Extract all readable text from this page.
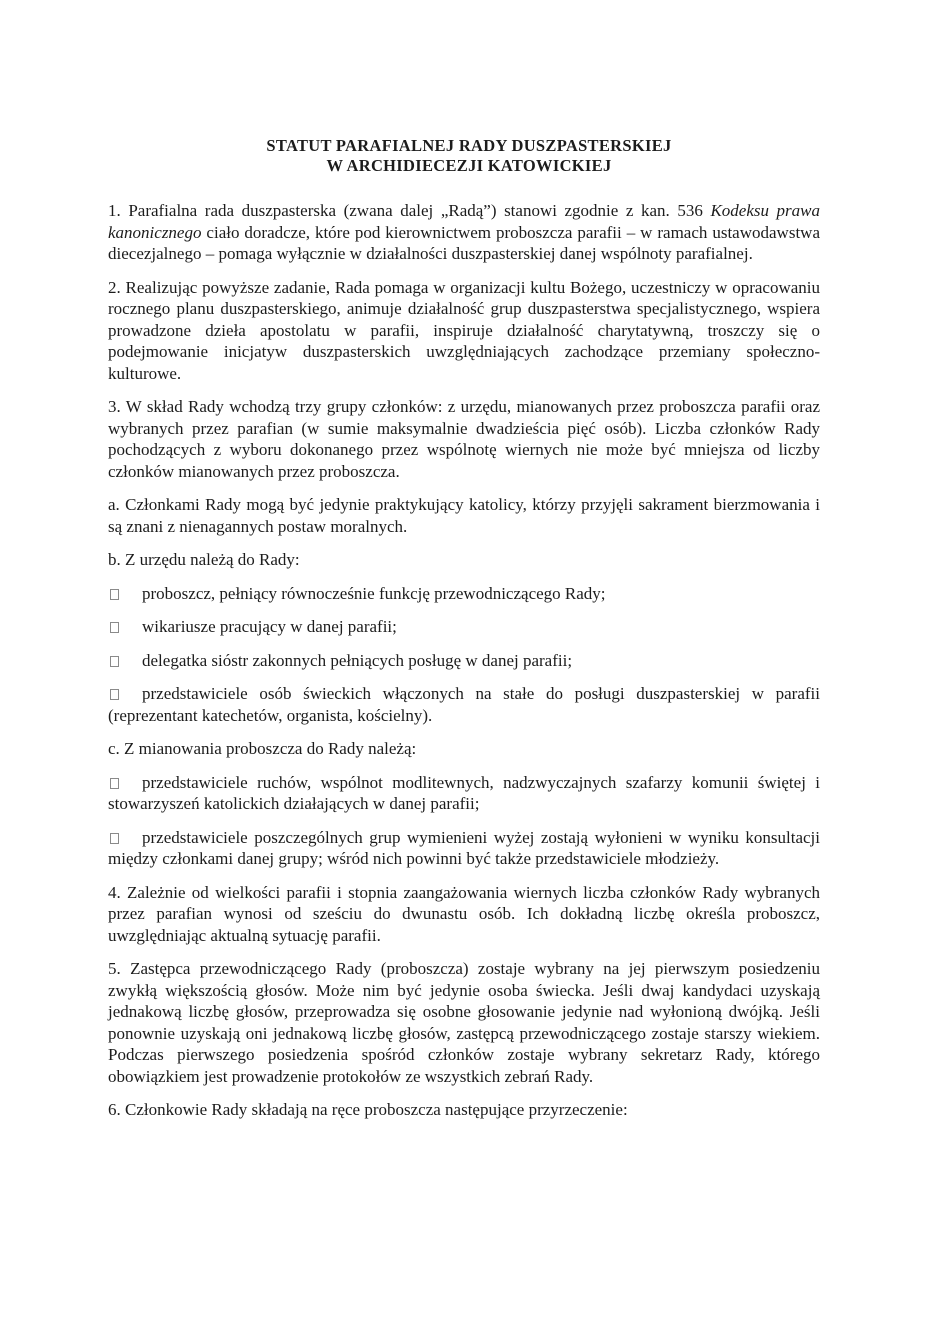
STATUT PARAFIALNEJ RADY DUSZPASTERSKIEJ
W ARCHIDIECEZJI KATOWICKIEJ

1. Parafialna rada duszpasterska (zwana dalej „Radą”) stanowi zgodnie z kan. 536 Kodeksu prawa kanonicznego ciało doradcze, które pod kierownictwem proboszcza parafii – w ramach ustawodawstwa diecezjalnego – pomaga wyłącznie w działalności duszpasterskiej danej wspólnoty parafialnej.

2. Realizując powyższe zadanie, Rada pomaga w organizacji kultu Bożego, uczestniczy w opracowaniu rocznego planu duszpasterskiego, animuje działalność grup duszpasterstwa specjalistycznego, wspiera prowadzone dzieła apostolatu w parafii, inspiruje działalność charytatywną, troszczy się o podejmowanie inicjatyw duszpasterskich uwzględniających zachodzące przemiany społeczno-kulturowe.

3. W skład Rady wchodzą trzy grupy członków: z urzędu, mianowanych przez proboszcza parafii oraz wybranych przez parafian (w sumie maksymalnie dwadzieścia pięć osób). Liczba członków Rady pochodzących z wyboru dokonanego przez wspólnotę wiernych nie może być mniejsza od liczby członków mianowanych przez proboszcza.

a. Członkami Rady mogą być jedynie praktykujący katolicy, którzy przyjęli sakrament bierzmowania i są znani z nienagannych postaw moralnych.

b. Z urzędu należą do Rady:

proboszcz, pełniący równocześnie funkcję przewodniczącego Rady;
wikariusze pracujący w danej parafii;
delegatka sióstr zakonnych pełniących posługę w danej parafii;
przedstawiciele osób świeckich włączonych na stałe do posługi duszpasterskiej w parafii (reprezentant katechetów, organista, kościelny).

c. Z mianowania proboszcza do Rady należą:

przedstawiciele ruchów, wspólnot modlitewnych, nadzwyczajnych szafarzy komunii świętej i stowarzyszeń katolickich działających w danej parafii;
przedstawiciele poszczególnych grup wymienieni wyżej zostają wyłonieni w wyniku konsultacji między członkami danej grupy; wśród nich powinni być także przedstawiciele młodzieży.

4. Zależnie od wielkości parafii i stopnia zaangażowania wiernych liczba członków Rady wybranych przez parafian wynosi od sześciu do dwunastu osób. Ich dokładną liczbę określa proboszcz, uwzględniając aktualną sytuację parafii.

5. Zastępca przewodniczącego Rady (proboszcza) zostaje wybrany na jej pierwszym posiedzeniu zwykłą większością głosów. Może nim być jedynie osoba świecka. Jeśli dwaj kandydaci uzyskają jednakową liczbę głosów, przeprowadza się osobne głosowanie jedynie nad wyłonioną dwójką. Jeśli ponownie uzyskają oni jednakową liczbę głosów, zastępcą przewodniczącego zostaje starszy wiekiem. Podczas pierwszego posiedzenia spośród członków zostaje wybrany sekretarz Rady, którego obowiązkiem jest prowadzenie protokołów ze wszystkich zebrań Rady.

6. Członkowie Rady składają na ręce proboszcza następujące przyrzeczenie:
